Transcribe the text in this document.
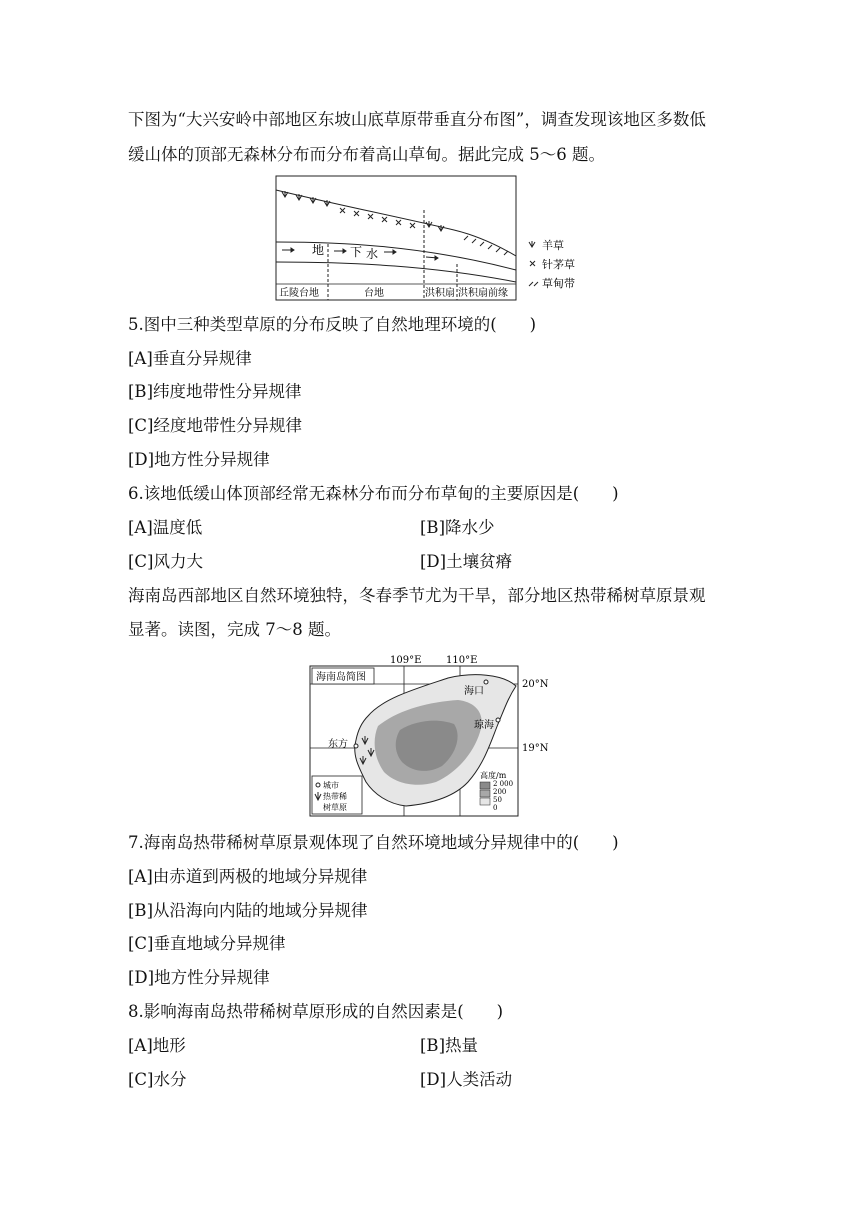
下图为“大兴安岭中部地区东坡山底草原带垂直分布图”，调查发现该地区多数低
缓山体的顶部无森林分布而分布着高山草甸。据此完成 5～6 题。
地 下 水
丘陵台地	台地	洪积扇 洪积扇前缘
羊草
针茅草
草甸带
5.图中三种类型草原的分布反映了自然地理环境的(　　)
[A]垂直分异规律
[B]纬度地带性分异规律
[C]经度地带性分异规律
[D]地方性分异规律
6.该地低缓山体顶部经常无森林分布而分布草甸的主要原因是(　　)
[A]温度低	[B]降水少
[C]风力大	[D]土壤贫瘠
海南岛西部地区自然环境独特，冬春季节尤为干旱，部分地区热带稀树草原景观
显著。读图，完成 7～8 题。
海南岛简图
109°E 110°E
20°N
19°N
海口
琼海
东方
城市
热带稀
树草原
高度/m
2 000
200
50
0
7.海南岛热带稀树草原景观体现了自然环境地域分异规律中的(　　)
[A]由赤道到两极的地域分异规律
[B]从沿海向内陆的地域分异规律
[C]垂直地域分异规律
[D]地方性分异规律
8.影响海南岛热带稀树草原形成的自然因素是(　　)
[A]地形	[B]热量
[C]水分	[D]人类活动
